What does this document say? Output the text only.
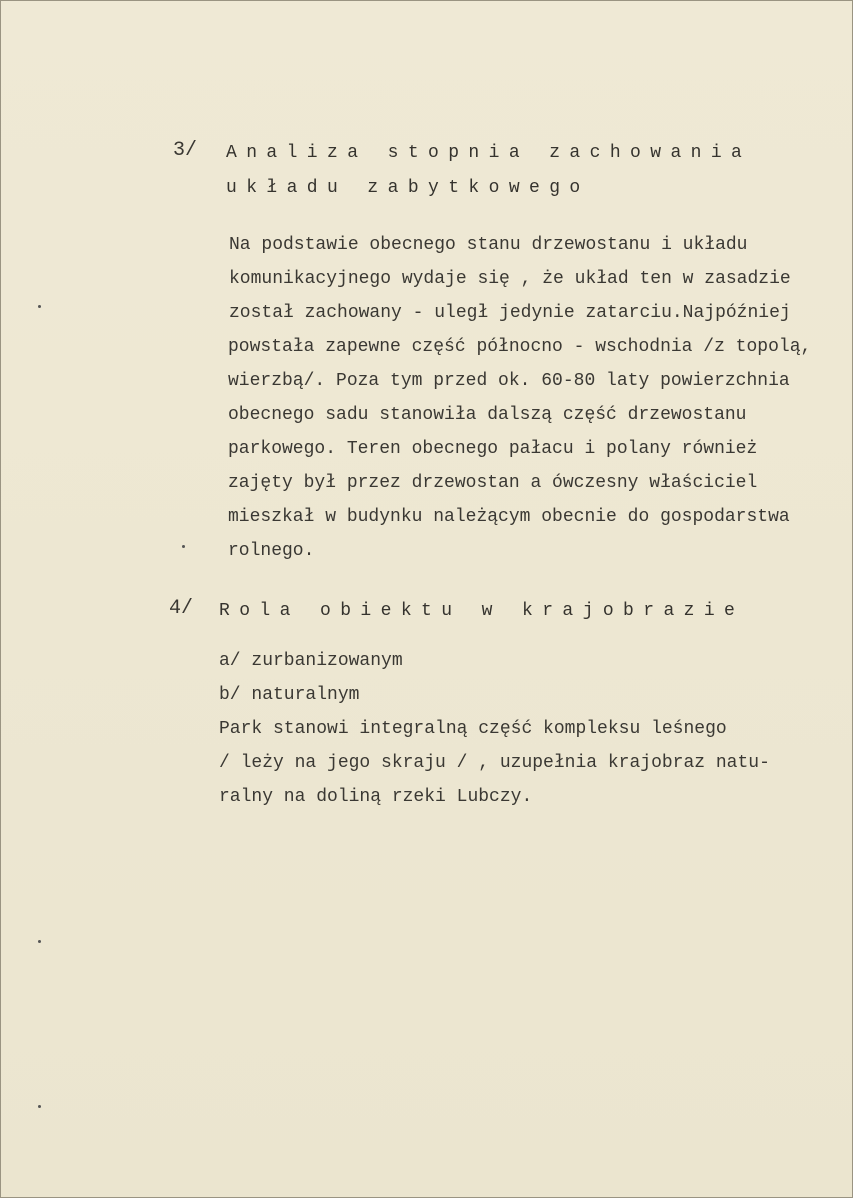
3/ Analiza stopnia zachowania
układu zabytkowego
Na podstawie obecnego stanu drzewostanu i układu
komunikacyjnego wydaje się , że układ ten w zasadzie
został zachowany - uległ jedynie zatarciu.Najpóźniej
powstała zapewne część północno - wschodnia /z topolą,
wierzbą/. Poza tym przed ok. 60-80 laty powierzchnia
obecnego sadu stanowiła dalszą część drzewostanu
parkowego. Teren obecnego pałacu i polany również
zajęty był przez drzewostan a ówczesny właściciel
mieszkał w budynku należącym obecnie do gospodarstwa
rolnego.
4/ Rola obiektu w krajobrazie
a/ zurbanizowanym
b/ naturalnym
Park stanowi integralną część kompleksu leśnego
/ leży na jego skraju / , uzupełnia krajobraz natu-
ralny na doliną rzeki Lubczy.
